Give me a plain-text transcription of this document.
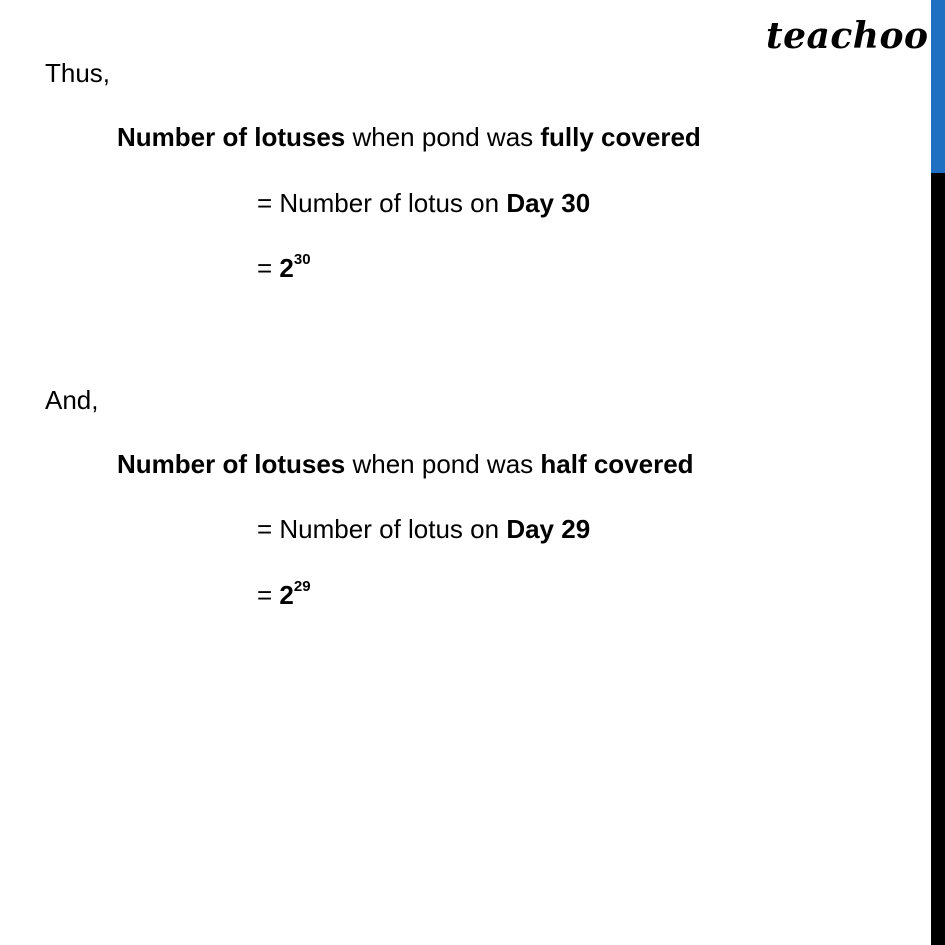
teachoo
Thus,
Number of lotuses when pond was fully covered
= Number of lotus on Day 30
= $2^{30}$
And,
Number of lotuses when pond was half covered
= Number of lotus on Day 29
= $2^{29}$
